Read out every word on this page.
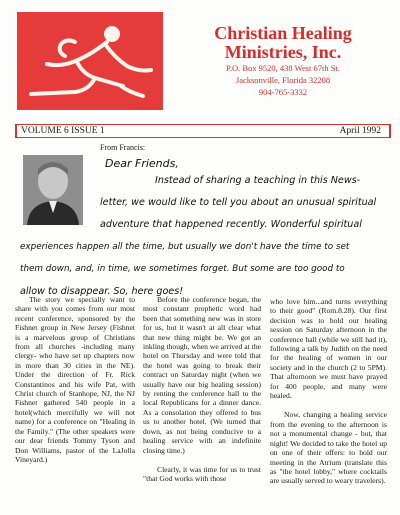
Christian Healing
Ministries, Inc.
P.O. Box 9520, 438 West 67th St.
Jacksonville, Florida 32208
904-765-3332
VOLUME 6 ISSUE 1	April 1992
From Francis:
Dear Friends,
Instead of sharing a teaching in this News-
letter, we would like to tell you about an unusual spiritual
adventure that happened recently. Wonderful spiritual
experiences happen all the time, but usually we don't have the time to set
them down, and, in time, we sometimes forget. But some are too good to
allow to disappear. So, here goes!

The story we specially want to share with you comes from our most recent conference, sponsored by the Fishnet group in New Jersey (Fishnet is a marvelous group of Christians from all churches -including many clergy- who have set up chapters now in more than 30 cities in the NE). Under the direction of Fr. Rick Constantinos and his wife Pat, with Christ church of Stanhope, NJ, the NJ Fishnet gathered 540 people in a hotel(which mercifully we will not name) for a conference on "Healing in the Family." (The other speakers were our dear friends Tommy Tyson and Don Williams, pastor of the LaJolla Vineyard.)

Before the conference began, the most constant prophetic word had been that something new was in store for us, but it wasn't at all clear what that new thing might be. We got an inkling though, when we arrived at the hotel on Thursday and were told that the hotel was going to break their contract on Saturday night (when we usually have our big healing session) by renting the conference hall to the local Republicans for a dinner dance. As a consolation they offered to bus us to another hotel. (We turned that down, as not being conducive to a healing service with an indefinite closing time.)

Clearly, it was time for us to trust "that God works with those

who love him...and turns everything to their good" (Rom.8.28). Our first decision was to hold our healing session on Saturday afternoon in the conference hall (while we still had it), following a talk by Judith on the need for the healing of women in our society and in the church (2 to 5PM). That afternoon we must have prayed for 400 people, and many were healed.

Now, changing a healing service from the evening to the afternoon is not a monumental change - but, that night! We decided to take the hotel up on one of their offers: to hold our meeting in the Atrium (translate this as "the hotel lobby," where cocktails are usually served to weary travelers).
